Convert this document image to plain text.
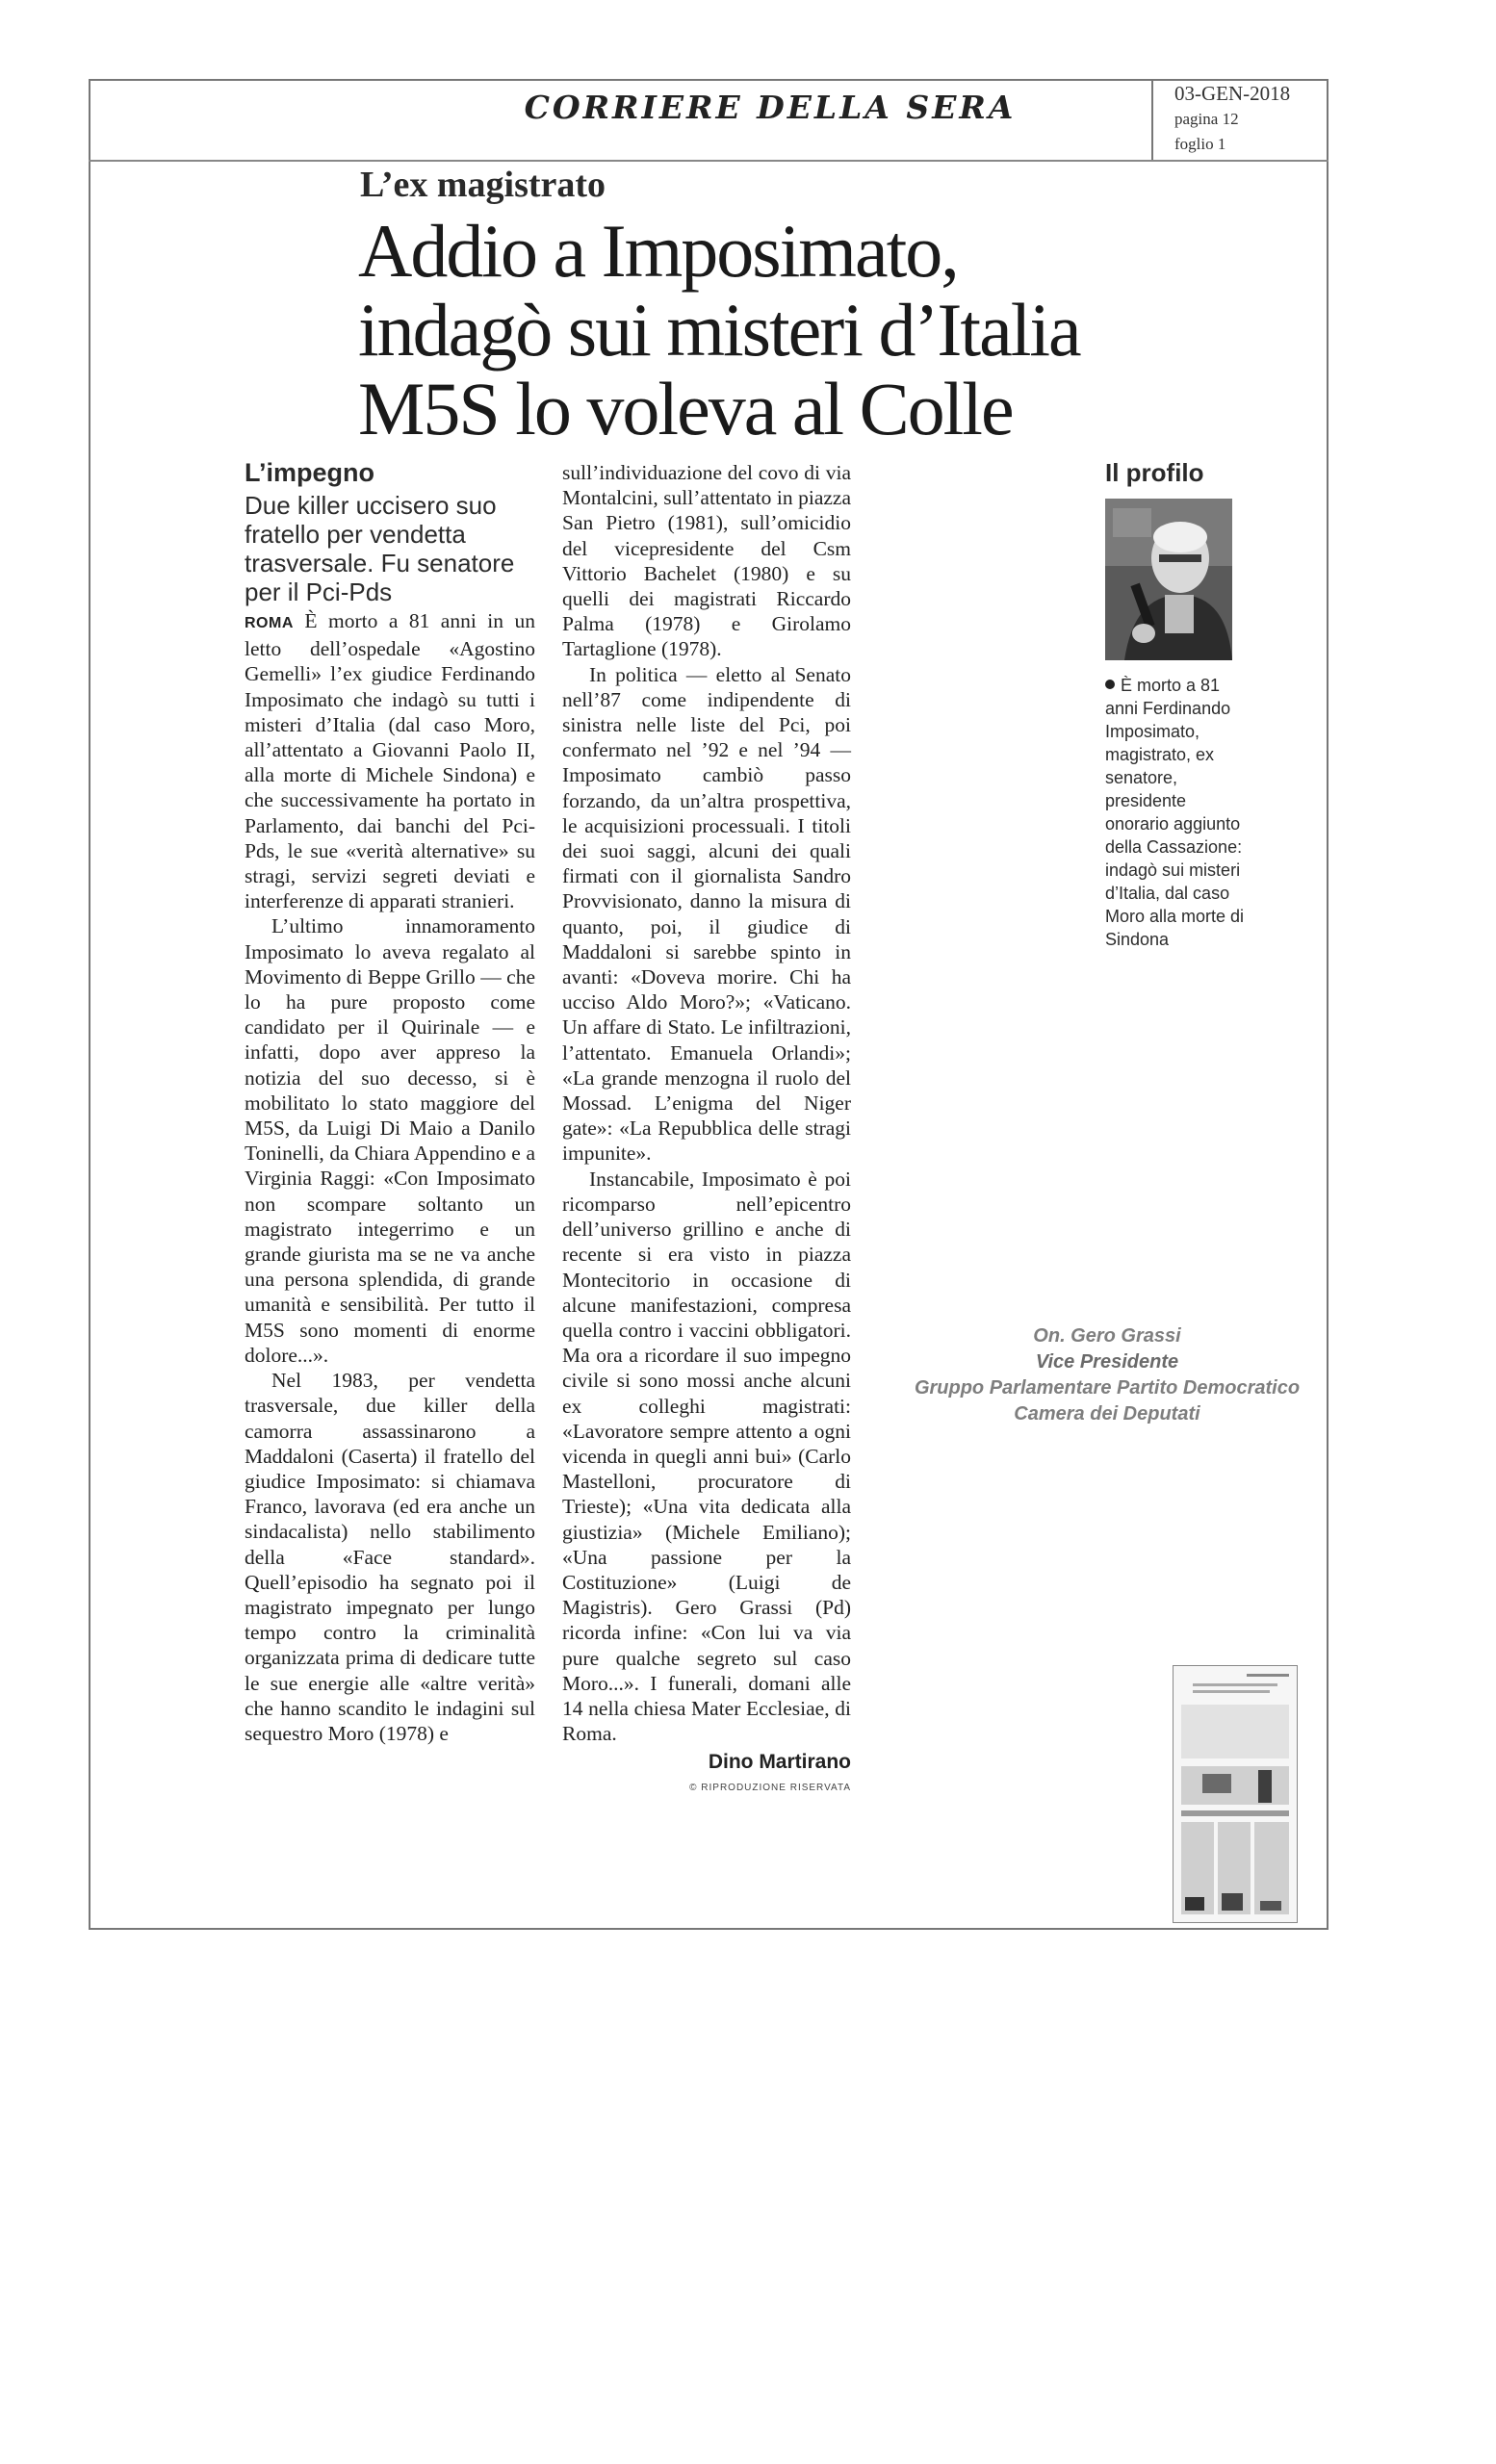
CORRIERE DELLA SERA	03-GEN-2018
pagina 12
foglio 1
L’ex magistrato
Addio a Imposimato,
indagò sui misteri d’Italia
M5S lo voleva al Colle
L’impegno
Due killer uccisero suo fratello per vendetta trasversale. Fu senatore per il Pci-Pds

ROMA È morto a 81 anni in un letto dell’ospedale «Agostino Gemelli» l’ex giudice Ferdinando Imposimato che indagò su tutti i misteri d’Italia (dal caso Moro, all’attentato a Giovanni Paolo II, alla morte di Michele Sindona) e che successivamente ha portato in Parlamento, dai banchi del Pci-Pds, le sue «verità alternative» su stragi, servizi segreti deviati e interferenze di apparati stranieri.

L’ultimo innamoramento Imposimato lo aveva regalato al Movimento di Beppe Grillo — che lo ha pure proposto come candidato per il Quirinale — e infatti, dopo aver appreso la notizia del suo decesso, si è mobilitato lo stato maggiore del M5S, da Luigi Di Maio a Danilo Toninelli, da Chiara Appendino e a Virginia Raggi: «Con Imposimato non scompare soltanto un magistrato integerrimo e un grande giurista ma se ne va anche una persona splendida, di grande umanità e sensibilità. Per tutto il M5S sono momenti di enorme dolore...».

Nel 1983, per vendetta trasversale, due killer della camorra assassinarono a Maddaloni (Caserta) il fratello del giudice Imposimato: si chiamava Franco, lavorava (ed era anche un sindacalista) nello stabilimento della «Face standard». Quell’episodio ha segnato poi il magistrato impegnato per lungo tempo contro la criminalità organizzata prima di dedicare tutte le sue energie alle «altre verità» che hanno scandito le indagini sul sequestro Moro (1978) e

sull’individuazione del covo di via Montalcini, sull’attentato in piazza San Pietro (1981), sull’omicidio del vicepresidente del Csm Vittorio Bachelet (1980) e su quelli dei magistrati Riccardo Palma (1978) e Girolamo Tartaglione (1978).

In politica — eletto al Senato nell’87 come indipendente di sinistra nelle liste del Pci, poi confermato nel ’92 e nel ’94 — Imposimato cambiò passo forzando, da un’altra prospettiva, le acquisizioni processuali. I titoli dei suoi saggi, alcuni dei quali firmati con il giornalista Sandro Provvisionato, danno la misura di quanto, poi, il giudice di Maddaloni si sarebbe spinto in avanti: «Doveva morire. Chi ha ucciso Aldo Moro?»; «Vaticano. Un affare di Stato. Le infiltrazioni, l’attentato. Emanuela Orlandi»; «La grande menzogna il ruolo del Mossad. L’enigma del Niger gate»: «La Repubblica delle stragi impunite».

Instancabile, Imposimato è poi ricomparso nell’epicentro dell’universo grillino e anche di recente si era visto in piazza Montecitorio in occasione di alcune manifestazioni, compresa quella contro i vaccini obbligatori. Ma ora a ricordare il suo impegno civile si sono mossi anche alcuni ex colleghi magistrati: «Lavoratore sempre attento a ogni vicenda in quegli anni bui» (Carlo Mastelloni, procuratore di Trieste); «Una vita dedicata alla giustizia» (Michele Emiliano); «Una passione per la Costituzione» (Luigi de Magistris). Gero Grassi (Pd) ricorda infine: «Con lui va via pure qualche segreto sul caso Moro...». I funerali, domani alle 14 nella chiesa Mater Ecclesiae, di Roma.

Dino Martirano
© RIPRODUZIONE RISERVATA
Il profilo
È morto a 81 anni Ferdinando Imposimato, magistrato, ex senatore, presidente onorario aggiunto della Cassazione: indagò sui misteri d’Italia, dal caso Moro alla morte di Sindona
On. Gero Grassi
Vice Presidente
Gruppo Parlamentare Partito Democratico
Camera dei Deputati
